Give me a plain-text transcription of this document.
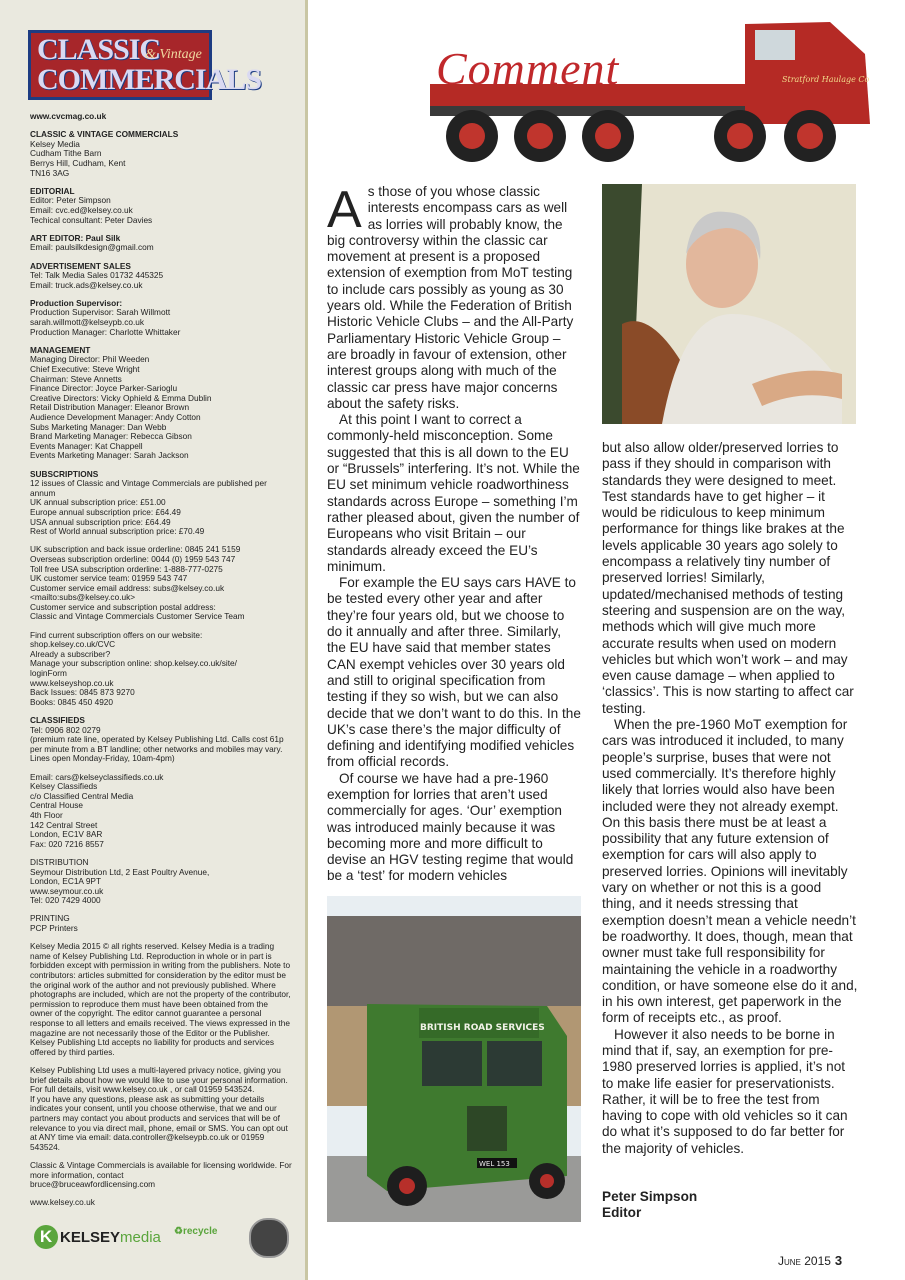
CLASSIC
& Vintage
COMMERCIALS
www.cvcmag.co.uk
CLASSIC & VINTAGE COMMERCIALS
Kelsey Media
Cudham Tithe Barn
Berrys Hill, Cudham, Kent
TN16 3AG
EDITORIAL
Editor: Peter Simpson
Email: cvc.ed@kelsey.co.uk
Techical consultant: Peter Davies
ART EDITOR: Paul Silk
Email: paulsilkdesign@gmail.com
ADVERTISEMENT SALES
Tel: Talk Media Sales 01732 445325
Email: truck.ads@kelsey.co.uk
Production Supervisor:
Production Supervisor: Sarah Willmott
sarah.willmott@kelseypb.co.uk
Production Manager: Charlotte Whittaker
MANAGEMENT
Managing Director: Phil Weeden
Chief Executive: Steve Wright
Chairman: Steve Annetts
Finance Director: Joyce Parker-Sarioglu
Creative Directors: Vicky Ophield & Emma Dublin
Retail Distribution Manager: Eleanor Brown
Audience Development Manager: Andy Cotton
Subs Marketing Manager: Dan Webb
Brand Marketing Manager: Rebecca Gibson
Events Manager: Kat Chappell
Events Marketing Manager: Sarah Jackson
SUBSCRIPTIONS
12 issues of Classic and Vintage Commercials are published per annum
UK annual subscription price: £51.00
Europe annual subscription price: £64.49
USA annual subscription price: £64.49
Rest of World annual subscription price: £70.49
UK subscription and back issue orderline: 0845 241 5159
Overseas subscription orderline: 0044 (0) 1959 543 747
Toll free USA subscription orderline: 1-888-777-0275
UK customer service team: 01959 543 747
Customer service email address: subs@kelsey.co.uk
<mailto:subs@kelsey.co.uk>
Customer service and subscription postal address:
Classic and Vintage Commercials Customer Service Team
Find current subscription offers on our website:
shop.kelsey.co.uk/CVC
Already a subscriber?
Manage your subscription online: shop.kelsey.co.uk/site/
loginForm
www.kelseyshop.co.uk
Back Issues: 0845 873 9270
Books: 0845 450 4920
CLASSIFIEDS
Tel: 0906 802 0279
(premium rate line, operated by Kelsey Publishing Ltd. Calls cost 61p per minute from a BT landline; other networks and mobiles may vary. Lines open Monday-Friday, 10am-4pm)
Email: cars@kelseyclassifieds.co.uk
Kelsey Classifieds
c/o Classified Central Media
Central House
4th Floor
142 Central Street
London, EC1V 8AR
Fax: 020 7216 8557
DISTRIBUTION
Seymour Distribution Ltd, 2 East Poultry Avenue,
London, EC1A 9PT
www.seymour.co.uk
Tel: 020 7429 4000
PRINTING
PCP Printers
Kelsey Media 2015 © all rights reserved. Kelsey Media is a trading name of Kelsey Publishing Ltd. Reproduction in whole or in part is forbidden except with permission in writing from the publishers. Note to contributors: articles submitted for consideration by the editor must be the original work of the author and not previously published. Where photographs are included, which are not the property of the contributor, permission to reproduce them must have been obtained from the owner of the copyright. The editor cannot guarantee a personal response to all letters and emails received. The views expressed in the magazine are not necessarily those of the Editor or the Publisher. Kelsey Publishing Ltd accepts no liability for products and services offered by third parties.
Kelsey Publishing Ltd uses a multi-layered privacy notice, giving you brief details about how we would like to use your personal information. For full details, visit www.kelsey.co.uk , or call 01959 543524.
If you have any questions, please ask as submitting your details indicates your consent, until you choose otherwise, that we and our partners may contact you about products and services that will be of relevance to you via direct mail, phone, email or SMS. You can opt out at ANY time via email: data.controller@kelseypb.co.uk or 01959 543524.
Classic & Vintage Commercials is available for licensing worldwide. For more information, contact
bruce@bruceawfordlicensing.com
www.kelsey.co.uk
K KELSEY media ♻recycle
Stratford Haulage Co
Comment
BRITISH ROAD SERVICES
WEL 153
A s those of you whose classic interests encompass cars as well as lorries will probably know, the big controversy within the classic car movement at present is a proposed extension of exemption from MoT testing to include cars possibly as young as 30 years old. While the Federation of British Historic Vehicle Clubs – and the All-Party Parliamentary Historic Vehicle Group – are broadly in favour of extension, other interest groups along with much of the classic car press have major concerns about the safety risks.

At this point I want to correct a commonly-held misconception. Some suggested that this is all down to the EU or “Brussels” interfering. It’s not. While the EU set minimum vehicle roadworthiness standards across Europe – something I’m rather pleased about, given the number of Europeans who visit Britain – our standards already exceed the EU’s minimum.

For example the EU says cars HAVE to be tested every other year and after they’re four years old, but we choose to do it annually and after three. Similarly, the EU have said that member states CAN exempt vehicles over 30 years old and still to original specification from testing if they so wish, but we can also decide that we don’t want to do this. In the UK’s case there’s the major difficulty of defining and identifying modified vehicles from official records.

Of course we have had a pre-1960 exemption for lorries that aren’t used commercially for ages. ‘Our’ exemption was introduced mainly because it was becoming more and more difficult to devise an HGV testing regime that would be a ‘test’ for modern vehicles

but also allow older/preserved lorries to pass if they should in comparison with standards they were designed to meet. Test standards have to get higher – it would be ridiculous to keep minimum performance for things like brakes at the levels applicable 30 years ago solely to encompass a relatively tiny number of preserved lorries! Similarly, updated/mechanised methods of testing steering and suspension are on the way, methods which will give much more accurate results when used on modern vehicles but which won’t work – and may even cause damage – when applied to ‘classics’. This is now starting to affect car testing.

When the pre-1960 MoT exemption for cars was introduced it included, to many people’s surprise, buses that were not used commercially. It’s therefore highly likely that lorries would also have been included were they not already exempt. On this basis there must be at least a possibility that any future extension of exemption for cars will also apply to preserved lorries. Opinions will inevitably vary on whether or not this is a good thing, and it needs stressing that exemption doesn’t mean a vehicle needn’t be roadworthy. It does, though, mean that owner must take full responsibility for maintaining the vehicle in a roadworthy condition, or have someone else do it and, in his own interest, get paperwork in the form of receipts etc., as proof.

However it also needs to be borne in mind that if, say, an exemption for pre-1980 preserved lorries is applied, it’s not to make life easier for preservationists. Rather, it will be to free the test from having to cope with old vehicles so it can do what it’s supposed to do far better for the majority of vehicles.

Peter Simpson
Editor
June 2015 3
